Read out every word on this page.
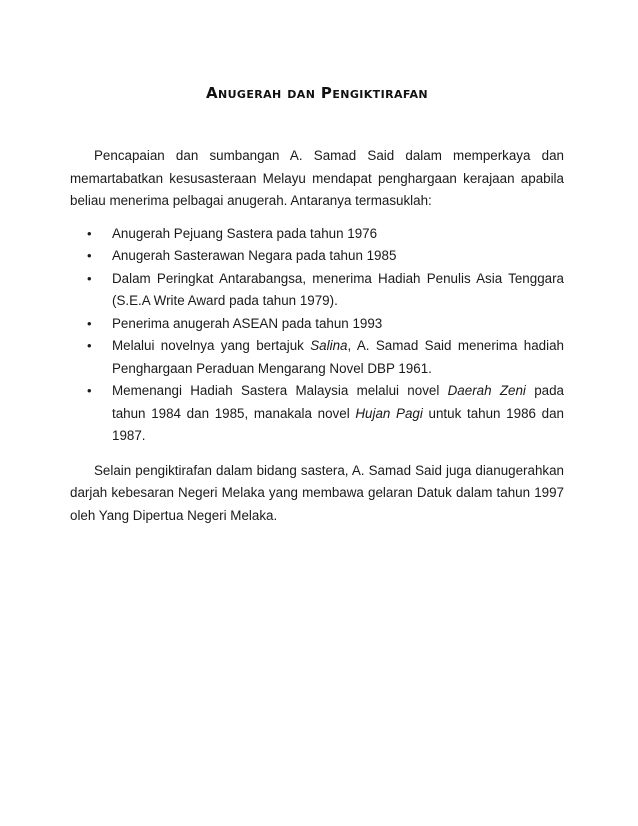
Anugerah dan Pengiktirafan

Pencapaian dan sumbangan A. Samad Said dalam memperkaya dan memartabatkan kesusasteraan Melayu mendapat penghargaan kerajaan apabila beliau menerima pelbagai anugerah. Antaranya termasuklah:

• Anugerah Pejuang Sastera pada tahun 1976
• Anugerah Sasterawan Negara pada tahun 1985
• Dalam Peringkat Antarabangsa, menerima Hadiah Penulis Asia Tenggara (S.E.A Write Award pada tahun 1979).
• Penerima anugerah ASEAN pada tahun 1993
• Melalui novelnya yang bertajuk Salina, A. Samad Said menerima hadiah Penghargaan Peraduan Mengarang Novel DBP 1961.
• Memenangi Hadiah Sastera Malaysia melalui novel Daerah Zeni pada tahun 1984 dan 1985, manakala novel Hujan Pagi untuk tahun 1986 dan 1987.

Selain pengiktirafan dalam bidang sastera, A. Samad Said juga dianugerahkan darjah kebesaran Negeri Melaka yang membawa gelaran Datuk dalam tahun 1997 oleh Yang Dipertua Negeri Melaka.
